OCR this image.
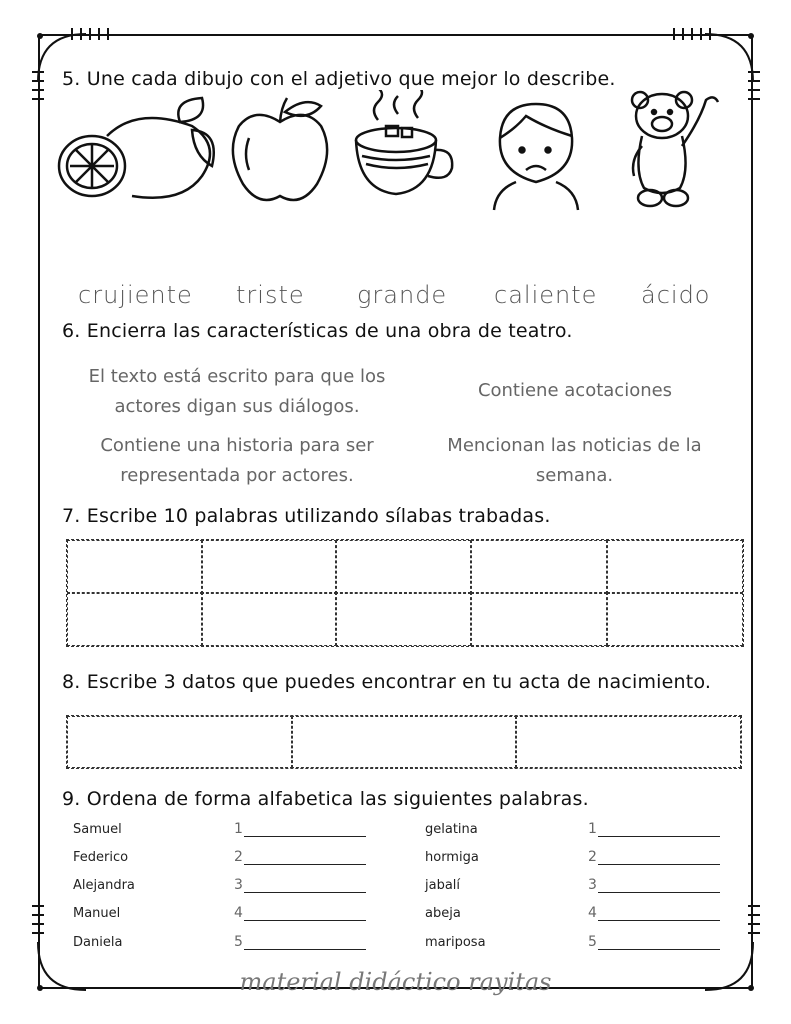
5. Une cada dibujo con el adjetivo que mejor lo describe.
crujiente triste grande caliente ácido
6. Encierra las características de una obra de teatro.
El texto está escrito para que los
actores digan sus diálogos.
Contiene acotaciones
Contiene una historia para ser
representada por actores.
Mencionan las noticias de la
semana.
7. Escribe 10 palabras utilizando sílabas trabadas.
8. Escribe 3 datos que puedes encontrar en tu acta de nacimiento.
9. Ordena de forma alfabetica las siguientes palabras.
Samuel
Federico
Alejandra
Manuel
Daniela
1
2
3
4
5
gelatina
hormiga
jabalí
abeja
mariposa
1
2
3
4
5
material didáctico rayitas
